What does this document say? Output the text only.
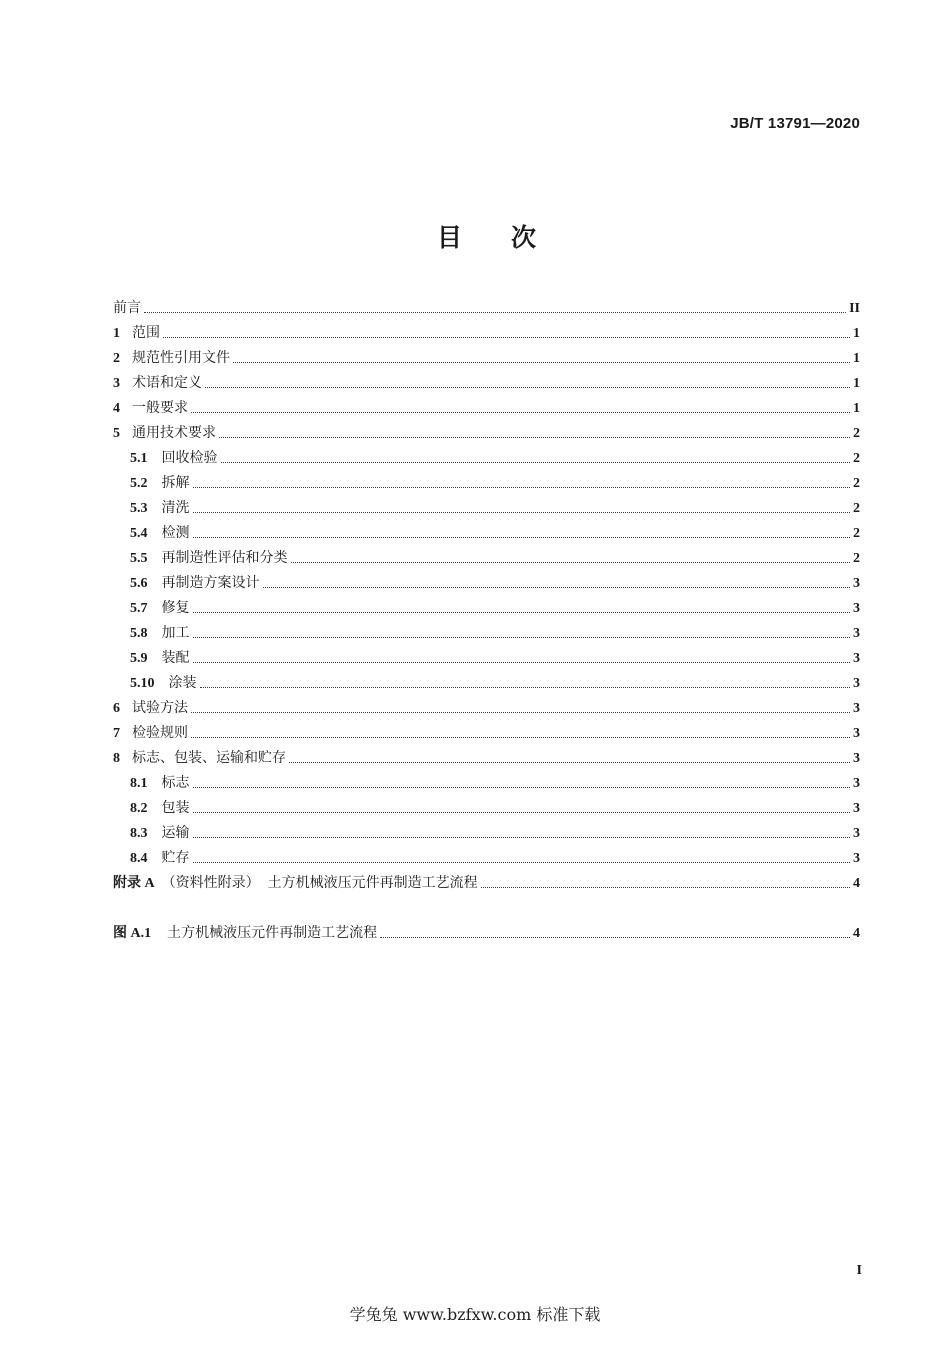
JB/T 13791—2020
目　次
前言	II
1 范围	1
2 规范性引用文件	1
3 术语和定义	1
4 一般要求	1
5 通用技术要求	2
5.1 回收检验	2
5.2 拆解	2
5.3 清洗	2
5.4 检测	2
5.5 再制造性评估和分类	2
5.6 再制造方案设计	3
5.7 修复	3
5.8 加工	3
5.9 装配	3
5.10 涂装	3
6 试验方法	3
7 检验规则	3
8 标志、包装、运输和贮存	3
8.1 标志	3
8.2 包装	3
8.3 运输	3
8.4 贮存	3
附录 A （资料性附录） 土方机械液压元件再制造工艺流程	4
图 A.1 土方机械液压元件再制造工艺流程	4
I
学兔兔 www.bzfxw.com 标准下载
